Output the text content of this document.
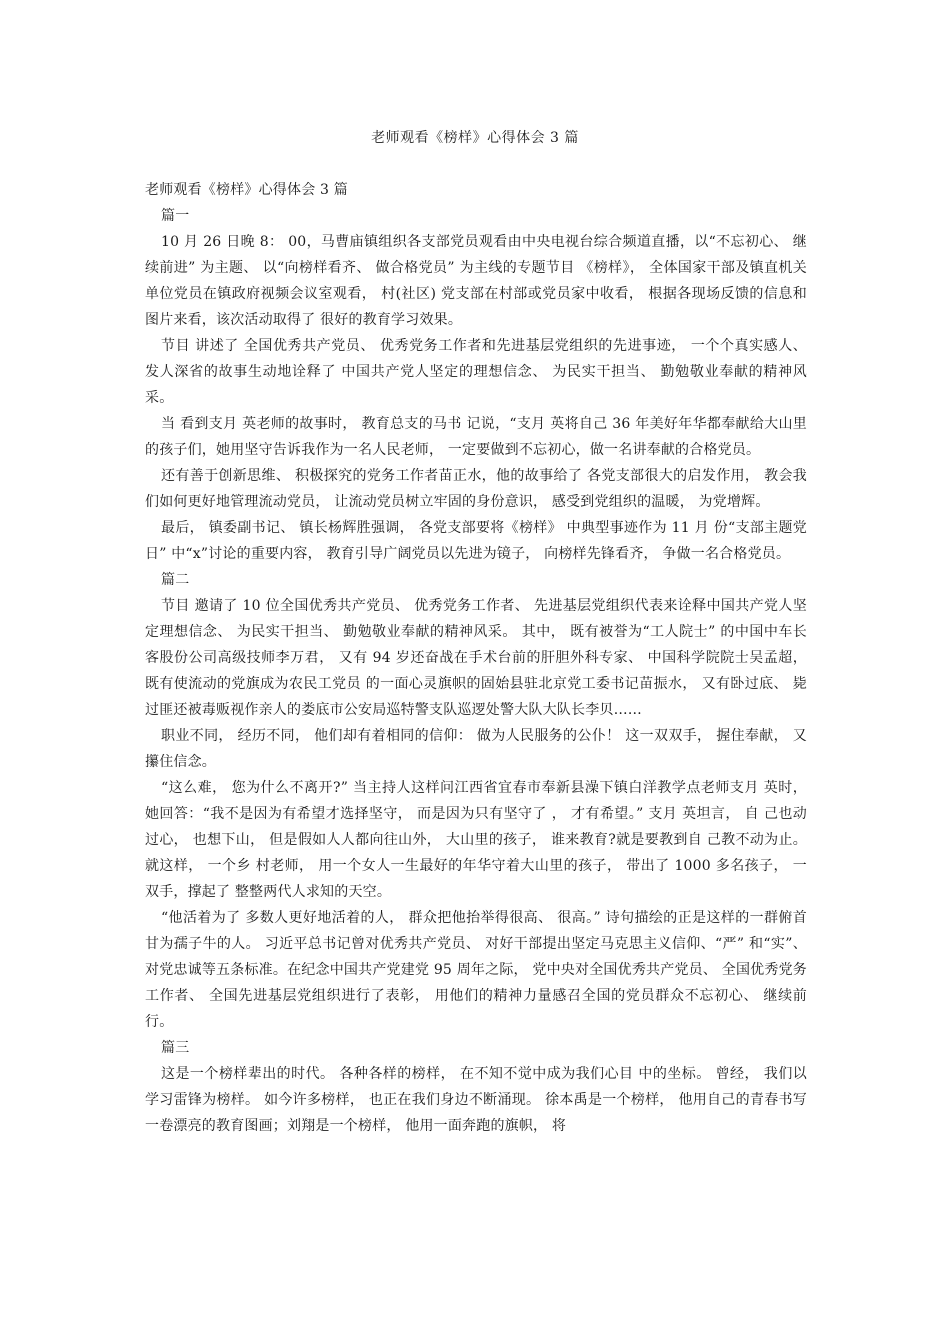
老师观看《榜样》心得体会 3 篇

老师观看《榜样》心得体会 3 篇

篇一

10 月 26 日晚 8： 00，马曹庙镇组织各支部党员观看由中央电视台综合频道直播，以“不忘初心、 继续前进” 为主题、 以“向榜样看齐、 做合格党员” 为主线的专题节目 《榜样》， 全体国家干部及镇直机关单位党员在镇政府视频会议室观看， 村(社区) 党支部在村部或党员家中收看， 根据各现场反馈的信息和图片来看，该次活动取得了 很好的教育学习效果。

节目 讲述了 全国优秀共产党员、 优秀党务工作者和先进基层党组织的先进事迹， 一个个真实感人、 发人深省的故事生动地诠释了 中国共产党人坚定的理想信念、 为民实干担当、 勤勉敬业奉献的精神风采。

当 看到支月 英老师的故事时， 教育总支的马书 记说，“支月 英将自己 36 年美好年华都奉献给大山里的孩子们，她用坚守告诉我作为一名人民老师， 一定要做到不忘初心，做一名讲奉献的合格党员。

还有善于创新思维、 积极探究的党务工作者苗正水，他的故事给了 各党支部很大的启发作用， 教会我们如何更好地管理流动党员， 让流动党员树立牢固的身份意识， 感受到党组织的温暖， 为党增辉。

最后， 镇委副书记、 镇长杨辉胜强调， 各党支部要将《榜样》 中典型事迹作为 11 月 份“支部主题党日” 中“x”讨论的重要内容， 教育引导广阔党员以先进为镜子， 向榜样先锋看齐， 争做一名合格党员。

篇二

节目 邀请了 10 位全国优秀共产党员、 优秀党务工作者、 先进基层党组织代表来诠释中国共产党人坚定理想信念、 为民实干担当、 勤勉敬业奉献的精神风采。 其中， 既有被誉为“工人院士” 的中国中车长客股份公司高级技师李万君， 又有 94 岁还奋战在手术台前的肝胆外科专家、 中国科学院院士吴孟超， 既有使流动的党旗成为农民工党员 的一面心灵旗帜的固始县驻北京党工委书记苗振水， 又有卧过底、 毙过匪还被毒贩视作亲人的娄底市公安局巡特警支队巡逻处警大队大队长李贝……

职业不同， 经历不同， 他们却有着相同的信仰： 做为人民服务的公仆！ 这一双双手， 握住奉献， 又攥住信念。

“这么难， 您为什么不离开?” 当主持人这样问江西省宜春市奉新县澡下镇白洋教学点老师支月 英时， 她回答：“我不是因为有希望才选择坚守， 而是因为只有坚守了 ， 才有希望。” 支月 英坦言， 自 己也动过心， 也想下山， 但是假如人人都向往山外， 大山里的孩子， 谁来教育?就是要教到自 己教不动为止。 就这样， 一个乡 村老师， 用一个女人一生最好的年华守着大山里的孩子， 带出了 1000 多名孩子， 一双手，撑起了 整整两代人求知的天空。

“他活着为了 多数人更好地活着的人， 群众把他抬举得很高、 很高。” 诗句描绘的正是这样的一群俯首甘为孺子牛的人。 习近平总书记曾对优秀共产党员、 对好干部提出坚定马克思主义信仰、“严” 和“实”、 对党忠诚等五条标准。在纪念中国共产党建党 95 周年之际， 党中央对全国优秀共产党员、 全国优秀党务工作者、 全国先进基层党组织进行了表彰， 用他们的精神力量感召全国的党员群众不忘初心、 继续前行。

篇三

这是一个榜样辈出的时代。 各种各样的榜样， 在不知不觉中成为我们心目 中的坐标。 曾经， 我们以学习雷锋为榜样。 如今许多榜样， 也正在我们身边不断涌现。 徐本禹是一个榜样， 他用自己的青春书写一卷漂亮的教育图画；刘翔是一个榜样， 他用一面奔跑的旗帜， 将
